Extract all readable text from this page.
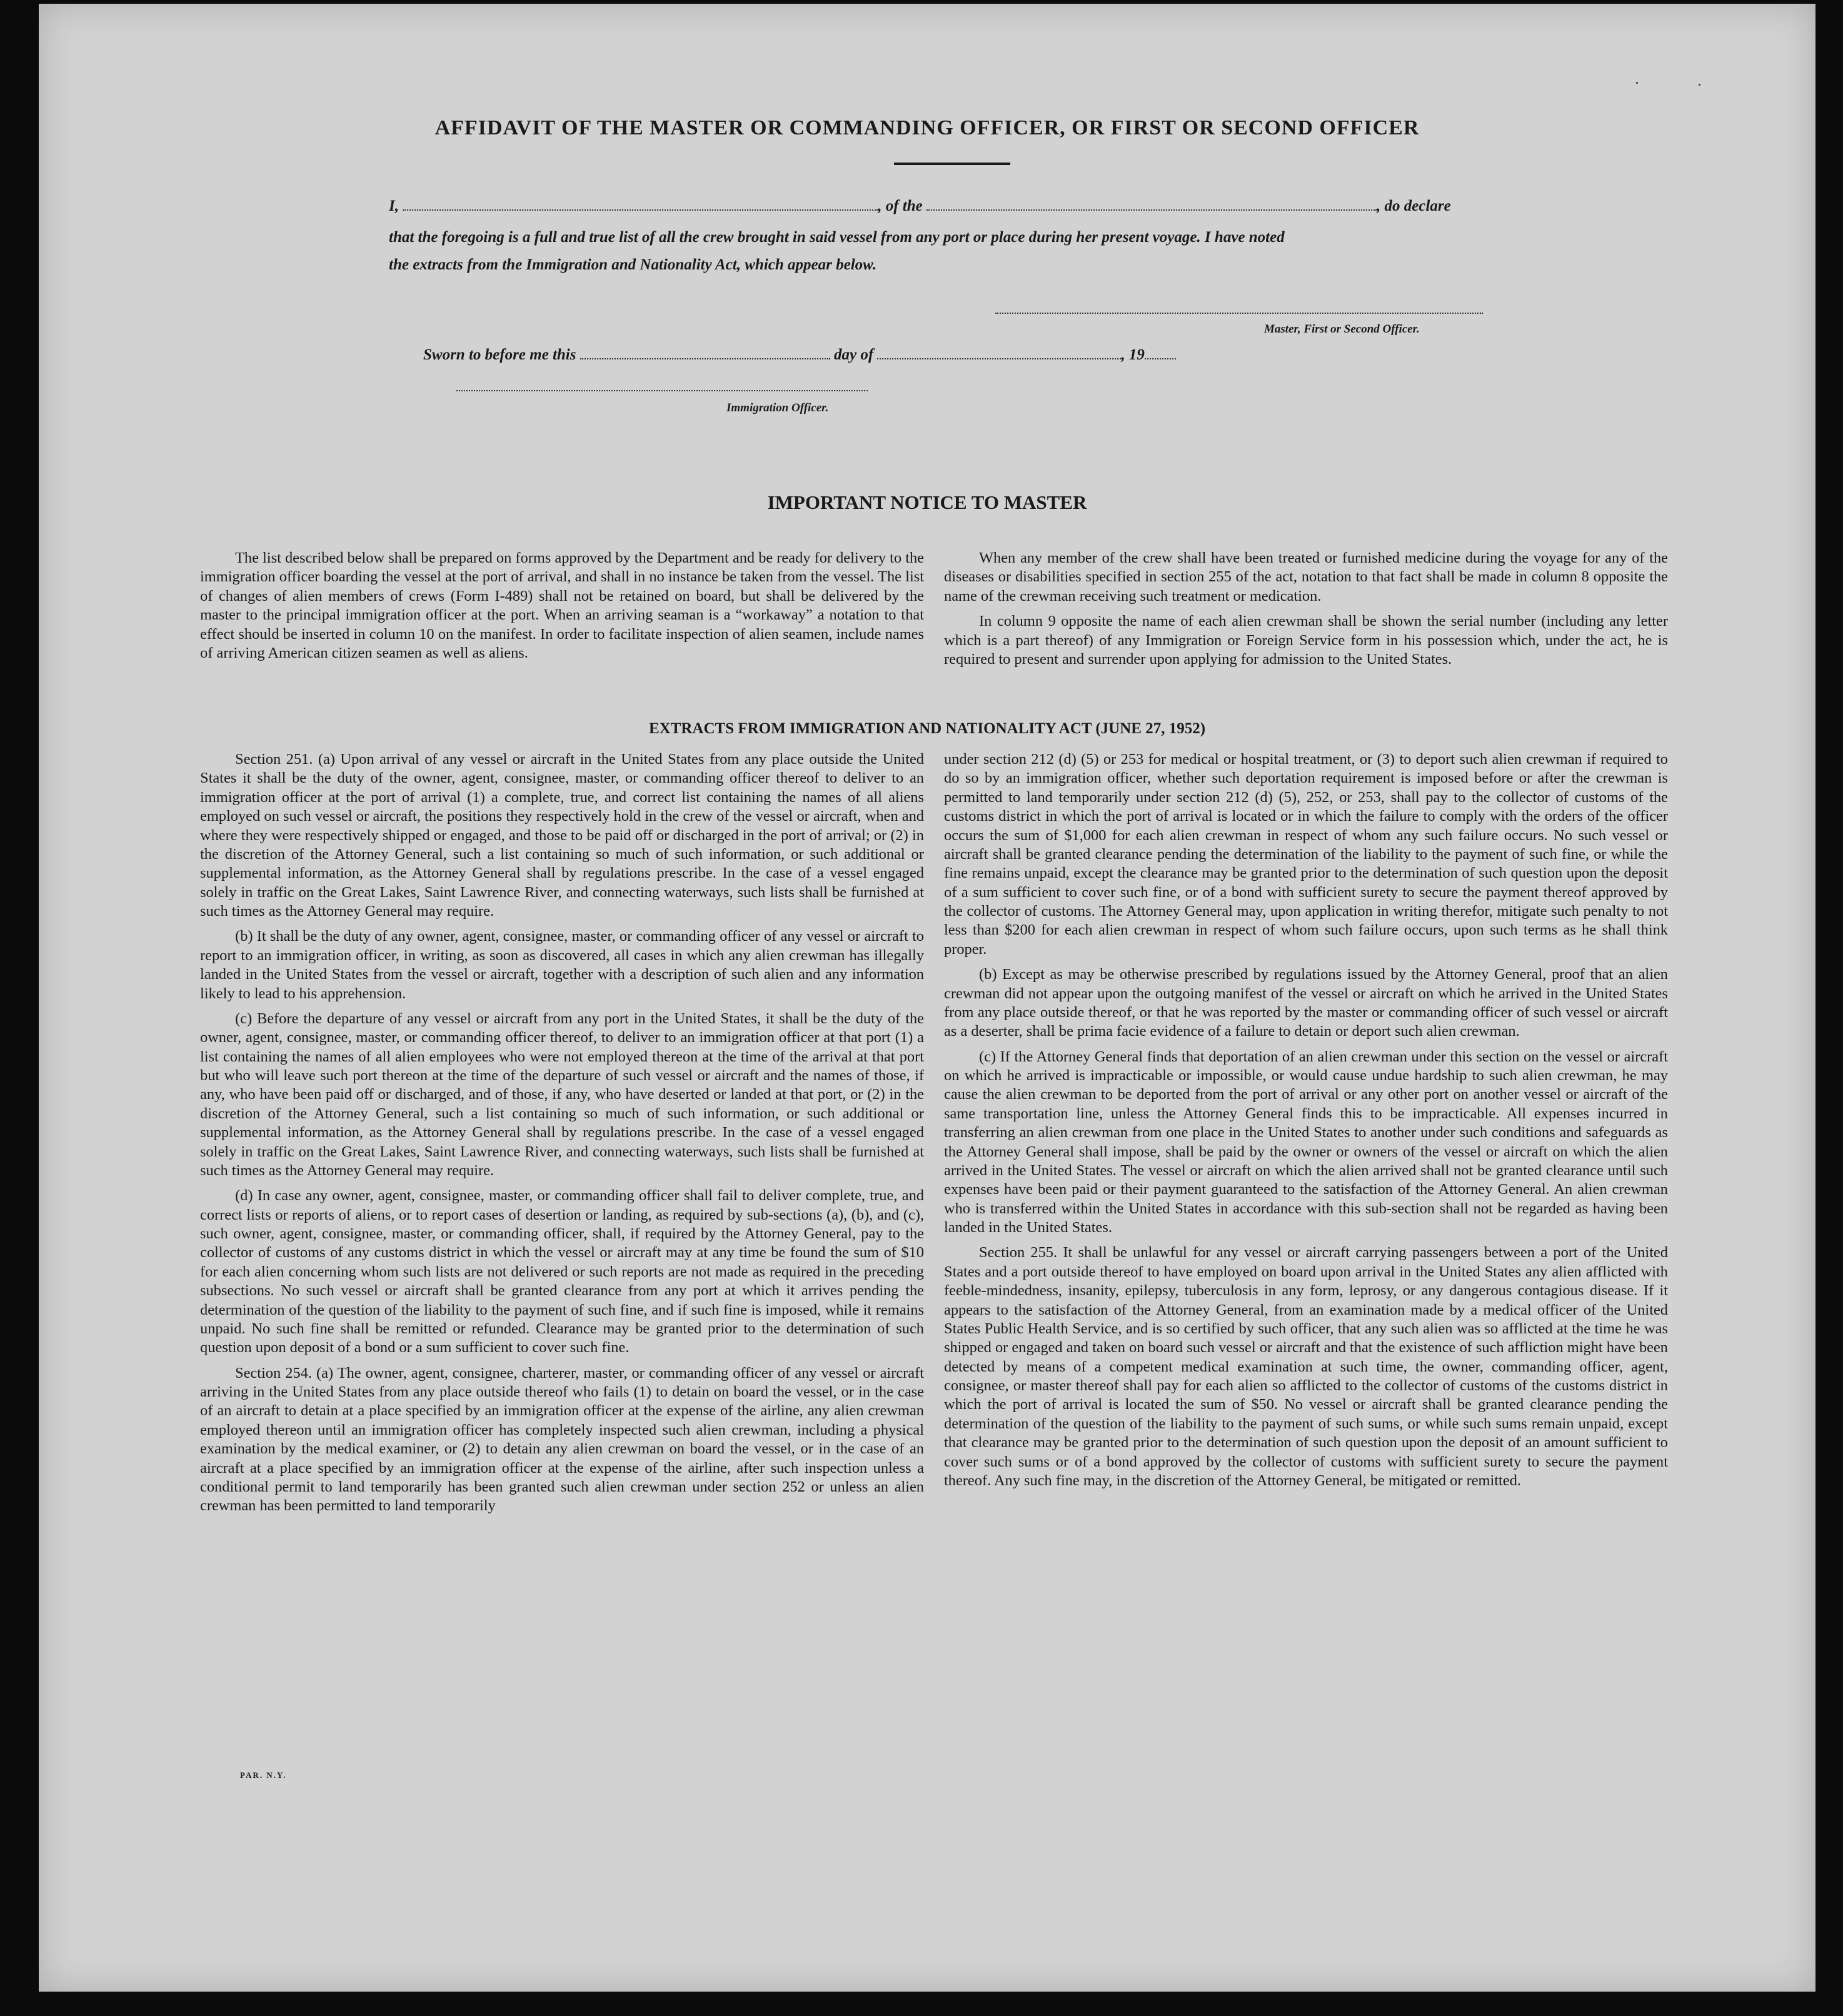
AFFIDAVIT OF THE MASTER OR COMMANDING OFFICER, OR FIRST OR SECOND OFFICER
I,	, of the	, do declare
that the foregoing is a full and true list of all the crew brought in said vessel from any port or place during her present voyage. I have noted
the extracts from the Immigration and Nationality Act, which appear below.
Master, First or Second Officer.
Sworn to before me this	day of	, 19
Immigration Officer.
IMPORTANT NOTICE TO MASTER

The list described below shall be prepared on forms approved by the Department and be ready for delivery to the immigration officer boarding the vessel at the port of arrival, and shall in no instance be taken from the vessel. The list of changes of alien members of crews (Form I-489) shall not be retained on board, but shall be delivered by the master to the principal immigration officer at the port. When an arriving seaman is a “workaway” a notation to that effect should be inserted in column 10 on the manifest. In order to facilitate inspection of alien seamen, include names of arriving American citizen seamen as well as aliens.

When any member of the crew shall have been treated or furnished medicine during the voyage for any of the diseases or disabilities specified in section 255 of the act, notation to that fact shall be made in column 8 opposite the name of the crewman receiving such treatment or medication.

In column 9 opposite the name of each alien crewman shall be shown the serial number (including any letter which is a part thereof) of any Immigration or Foreign Service form in his possession which, under the act, he is required to present and surrender upon applying for admission to the United States.

EXTRACTS FROM IMMIGRATION AND NATIONALITY ACT (JUNE 27, 1952)

Section 251. (a) Upon arrival of any vessel or aircraft in the United States from any place outside the United States it shall be the duty of the owner, agent, consignee, master, or commanding officer thereof to deliver to an immigration officer at the port of arrival (1) a complete, true, and correct list containing the names of all aliens employed on such vessel or aircraft, the positions they respectively hold in the crew of the vessel or aircraft, when and where they were respectively shipped or engaged, and those to be paid off or discharged in the port of arrival; or (2) in the discretion of the Attorney General, such a list containing so much of such information, or such additional or supplemental information, as the Attorney General shall by regulations prescribe. In the case of a vessel engaged solely in traffic on the Great Lakes, Saint Lawrence River, and connecting waterways, such lists shall be furnished at such times as the Attorney General may require.

(b) It shall be the duty of any owner, agent, consignee, master, or commanding officer of any vessel or aircraft to report to an immigration officer, in writing, as soon as discovered, all cases in which any alien crewman has illegally landed in the United States from the vessel or aircraft, together with a description of such alien and any information likely to lead to his apprehension.

(c) Before the departure of any vessel or aircraft from any port in the United States, it shall be the duty of the owner, agent, consignee, master, or commanding officer thereof, to deliver to an immigration officer at that port (1) a list containing the names of all alien employees who were not employed thereon at the time of the arrival at that port but who will leave such port thereon at the time of the departure of such vessel or aircraft and the names of those, if any, who have been paid off or discharged, and of those, if any, who have deserted or landed at that port, or (2) in the discretion of the Attorney General, such a list containing so much of such information, or such additional or supplemental information, as the Attorney General shall by regulations prescribe. In the case of a vessel engaged solely in traffic on the Great Lakes, Saint Lawrence River, and connecting waterways, such lists shall be furnished at such times as the Attorney General may require.

(d) In case any owner, agent, consignee, master, or commanding officer shall fail to deliver complete, true, and correct lists or reports of aliens, or to report cases of desertion or landing, as required by sub-sections (a), (b), and (c), such owner, agent, consignee, master, or commanding officer, shall, if required by the Attorney General, pay to the collector of customs of any customs district in which the vessel or aircraft may at any time be found the sum of $10 for each alien concerning whom such lists are not delivered or such reports are not made as required in the preceding subsections. No such vessel or aircraft shall be granted clearance from any port at which it arrives pending the determination of the question of the liability to the payment of such fine, and if such fine is imposed, while it remains unpaid. No such fine shall be remitted or refunded. Clearance may be granted prior to the determination of such question upon deposit of a bond or a sum sufficient to cover such fine.

Section 254. (a) The owner, agent, consignee, charterer, master, or commanding officer of any vessel or aircraft arriving in the United States from any place outside thereof who fails (1) to detain on board the vessel, or in the case of an aircraft to detain at a place specified by an immigration officer at the expense of the airline, any alien crewman employed thereon until an immigration officer has completely inspected such alien crewman, including a physical examination by the medical examiner, or (2) to detain any alien crewman on board the vessel, or in the case of an aircraft at a place specified by an immigration officer at the expense of the airline, after such inspection unless a conditional permit to land temporarily has been granted such alien crewman under section 252 or unless an alien crewman has been permitted to land temporarily

under section 212 (d) (5) or 253 for medical or hospital treatment, or (3) to deport such alien crewman if required to do so by an immigration officer, whether such deportation requirement is imposed before or after the crewman is permitted to land temporarily under section 212 (d) (5), 252, or 253, shall pay to the collector of customs of the customs district in which the port of arrival is located or in which the failure to comply with the orders of the officer occurs the sum of $1,000 for each alien crewman in respect of whom any such failure occurs. No such vessel or aircraft shall be granted clearance pending the determination of the liability to the payment of such fine, or while the fine remains unpaid, except the clearance may be granted prior to the determination of such question upon the deposit of a sum sufficient to cover such fine, or of a bond with sufficient surety to secure the payment thereof approved by the collector of customs. The Attorney General may, upon application in writing therefor, mitigate such penalty to not less than $200 for each alien crewman in respect of whom such failure occurs, upon such terms as he shall think proper.

(b) Except as may be otherwise prescribed by regulations issued by the Attorney General, proof that an alien crewman did not appear upon the outgoing manifest of the vessel or aircraft on which he arrived in the United States from any place outside thereof, or that he was reported by the master or commanding officer of such vessel or aircraft as a deserter, shall be prima facie evidence of a failure to detain or deport such alien crewman.

(c) If the Attorney General finds that deportation of an alien crewman under this section on the vessel or aircraft on which he arrived is impracticable or impossible, or would cause undue hardship to such alien crewman, he may cause the alien crewman to be deported from the port of arrival or any other port on another vessel or aircraft of the same transportation line, unless the Attorney General finds this to be impracticable. All expenses incurred in transferring an alien crewman from one place in the United States to another under such conditions and safeguards as the Attorney General shall impose, shall be paid by the owner or owners of the vessel or aircraft on which the alien arrived in the United States. The vessel or aircraft on which the alien arrived shall not be granted clearance until such expenses have been paid or their payment guaranteed to the satisfaction of the Attorney General. An alien crewman who is transferred within the United States in accordance with this sub-section shall not be regarded as having been landed in the United States.

Section 255. It shall be unlawful for any vessel or aircraft carrying passengers between a port of the United States and a port outside thereof to have employed on board upon arrival in the United States any alien afflicted with feeble-mindedness, insanity, epilepsy, tuberculosis in any form, leprosy, or any dangerous contagious disease. If it appears to the satisfaction of the Attorney General, from an examination made by a medical officer of the United States Public Health Service, and is so certified by such officer, that any such alien was so afflicted at the time he was shipped or engaged and taken on board such vessel or aircraft and that the existence of such affliction might have been detected by means of a competent medical examination at such time, the owner, commanding officer, agent, consignee, or master thereof shall pay for each alien so afflicted to the collector of customs of the customs district in which the port of arrival is located the sum of $50. No vessel or aircraft shall be granted clearance pending the determination of the question of the liability to the payment of such sums, or while such sums remain unpaid, except that clearance may be granted prior to the determination of such question upon the deposit of an amount sufficient to cover such sums or of a bond approved by the collector of customs with sufficient surety to secure the payment thereof. Any such fine may, in the discretion of the Attorney General, be mitigated or remitted.

PAR. N.Y.
